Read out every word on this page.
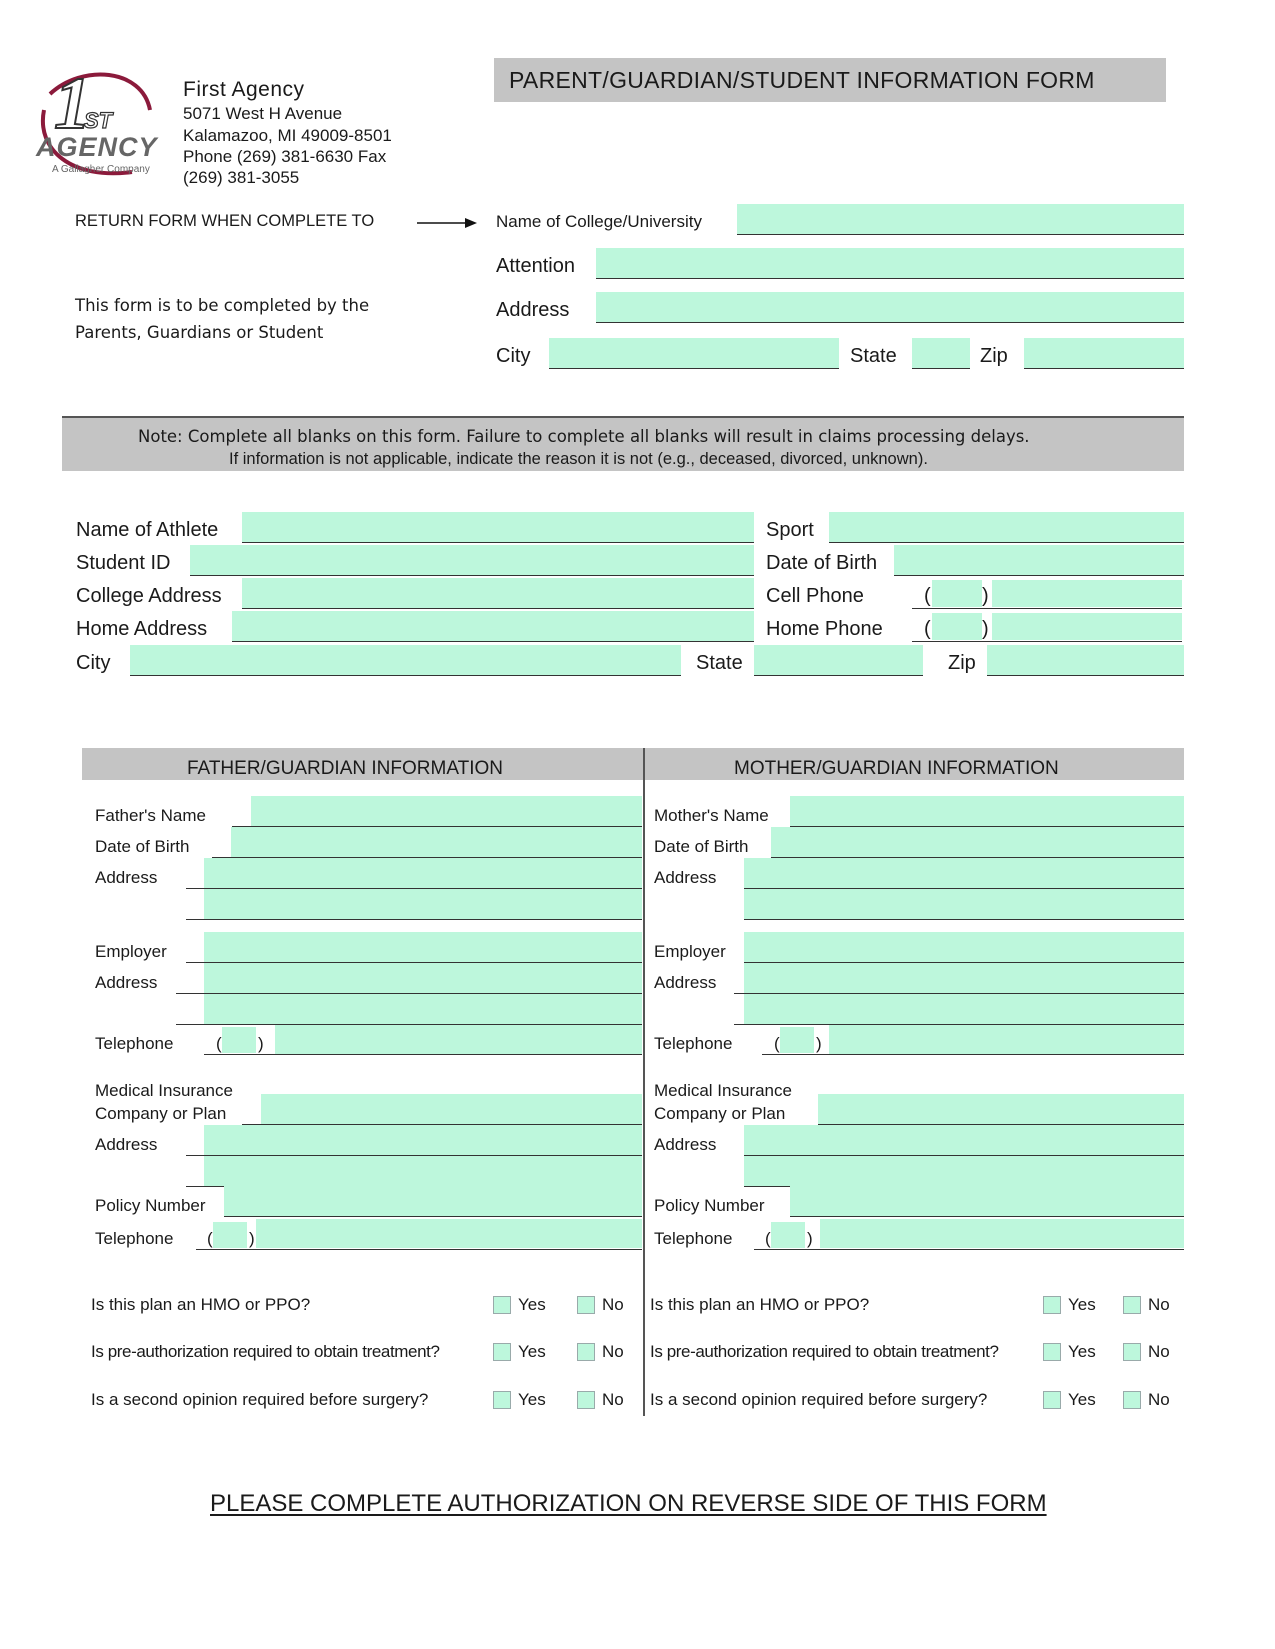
1
ST
AGENCY
A Gallagher Company
First Agency
5071 West H Avenue
Kalamazoo, MI 49009-8501
Phone (269) 381-6630 Fax
(269) 381-3055
PARENT/GUARDIAN/STUDENT INFORMATION FORM
RETURN FORM WHEN COMPLETE TO	Name of College/University
Attention
Address
City	State	Zip
This form is to be completed by the
Parents, Guardians or Student
Note: Complete all blanks on this form. Failure to complete all blanks will result in claims processing delays.
If information is not applicable, indicate the reason it is not (e.g., deceased, divorced, unknown).
Name of Athlete	Sport
Student ID	Date of Birth
College Address	Cell Phone	(	)
Home Address	Home Phone (	)
City	State	Zip
FATHER/GUARDIAN INFORMATION	MOTHER/GUARDIAN INFORMATION
Father's Name
Date of Birth
Address
Employer
Address
Telephone	( )
Medical Insurance
Company or Plan
Address
Policy Number
Telephone ( )
Mother's Name
Date of Birth
Address
Employer
Address
Telephone ( )
Medical Insurance
Company or Plan
Address
Policy Number
Telephone ( )
Is this plan an HMO or PPO?	Yes	No
Is pre-authorization required to obtain treatment?	Yes	No
Is a second opinion required before surgery?	Yes	No
Is this plan an HMO or PPO?	Yes	No
Is pre-authorization required to obtain treatment?	Yes	No
Is a second opinion required before surgery?	Yes	No
PLEASE COMPLETE AUTHORIZATION ON REVERSE SIDE OF THIS FORM
